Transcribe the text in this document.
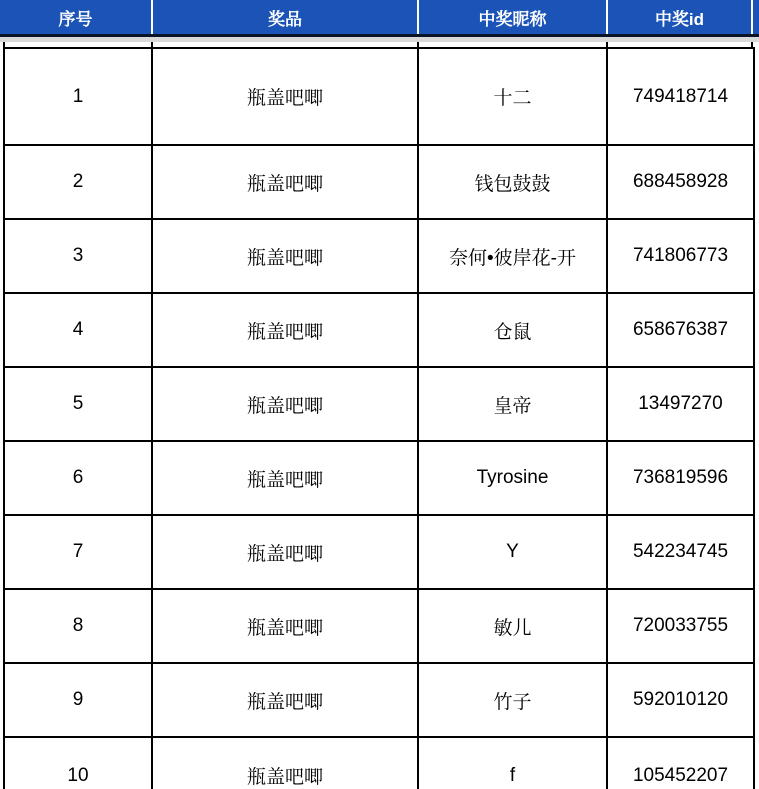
序号	奖品	中奖昵称	中奖id
1	瓶盖吧唧	十二	749418714
2	瓶盖吧唧	钱包鼓鼓	688458928
3	瓶盖吧唧	奈何•彼岸花-开	741806773
4	瓶盖吧唧	仓鼠	658676387
5	瓶盖吧唧	皇帝	13497270
6	瓶盖吧唧	Tyrosine	736819596
7	瓶盖吧唧	Y	542234745
8	瓶盖吧唧	敏儿	720033755
9	瓶盖吧唧	竹子	592010120
10	瓶盖吧唧	f	105452207
